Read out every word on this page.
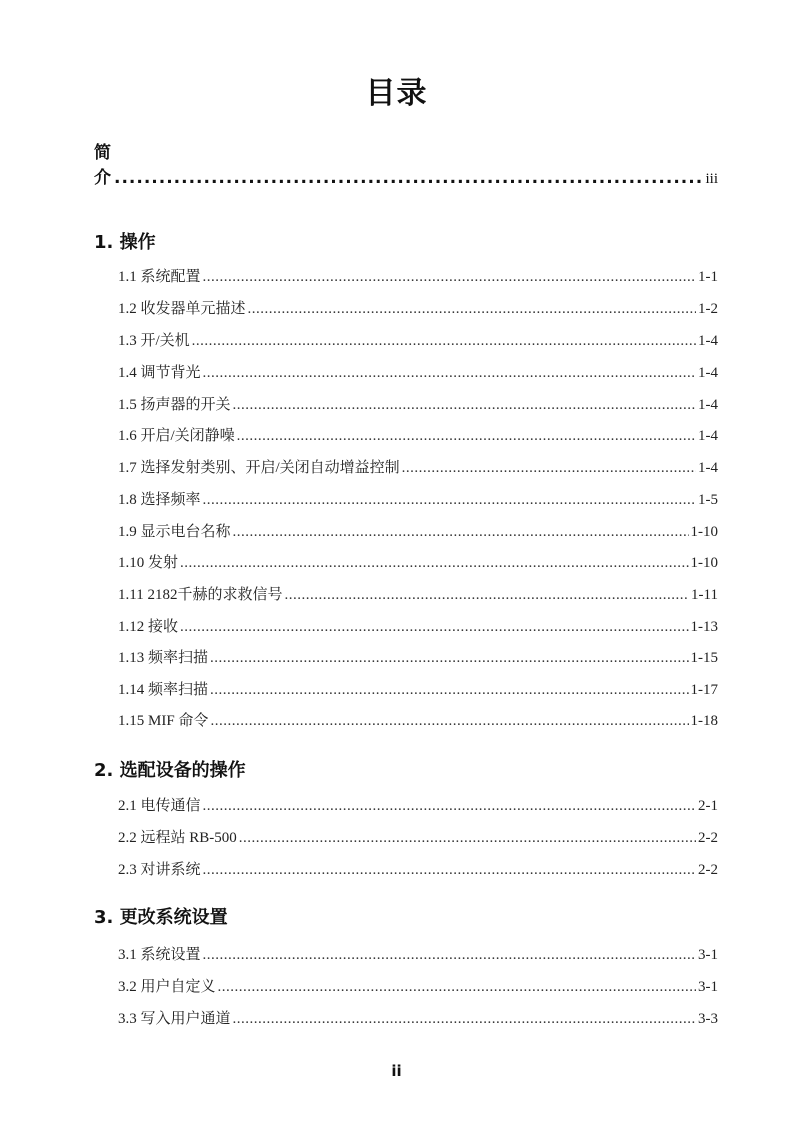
目录
简介 .....	iii
1. 操作
1.1 系统配置 .....	1-1
1.2 收发器单元描述 .....	1-2
1.3 开/关机 .....	1-4
1.4 调节背光 .....	1-4
1.5 扬声器的开关 .....	1-4
1.6 开启/关闭静噪 .....	1-4
1.7 选择发射类别、开启/关闭自动增益控制 .....	1-4
1.8 选择频率 .....	1-5
1.9 显示电台名称 .....	1-10
1.10 发射 .....	1-10
1.11 2182千赫的求救信号 .....	1-11
1.12 接收 .....	1-13
1.13 频率扫描 .....	1-15
1.14 频率扫描 .....	1-17
1.15 MIF 命令 .....	1-18
2. 选配设备的操作
2.1 电传通信 .....	2-1
2.2 远程站 RB-500 .....	2-2
2.3 对讲系统 .....	2-2
3. 更改系统设置
3.1 系统设置 .....	3-1
3.2 用户自定义 .....	3-1
3.3 写入用户通道 .....	3-3
ii
